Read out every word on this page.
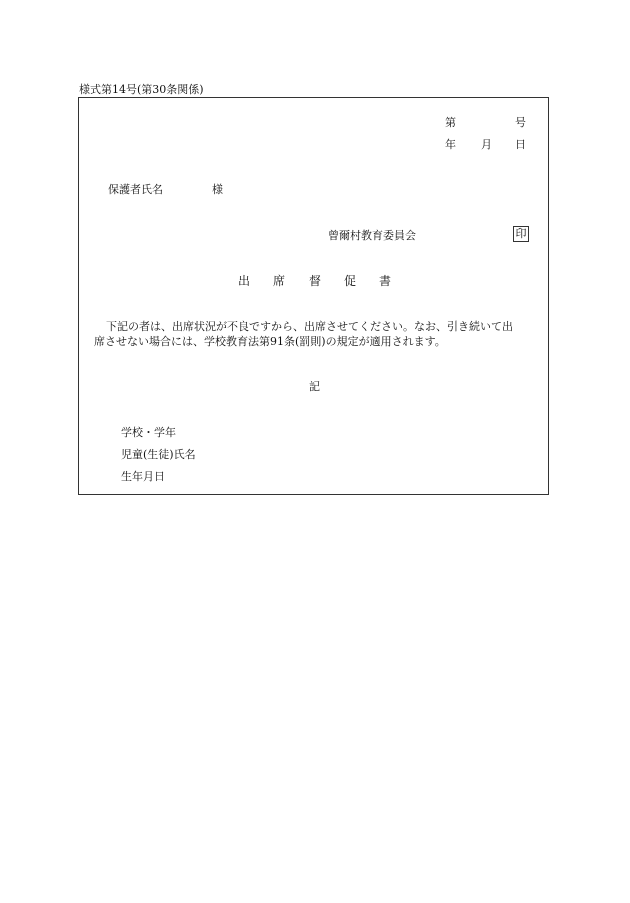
様式第14号(第30条関係)
第	号
年 月 日
保護者氏名	様
曾爾村教育委員会	印
出 席 督 促 書
下記の者は、出席状況が不良ですから、出席させてください。なお、引き続いて出
席させない場合には、学校教育法第91条(罰則)の規定が適用されます。
記
学校・学年
児童(生徒)氏名
生年月日
